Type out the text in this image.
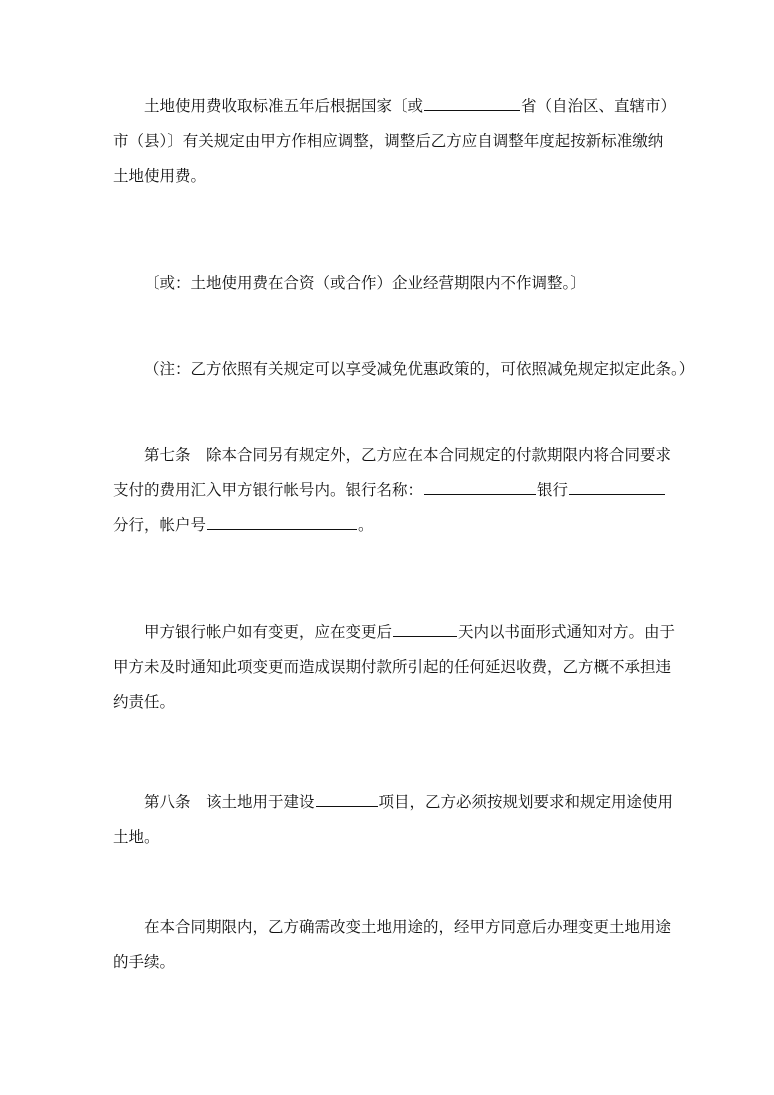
土地使用费收取标准五年后根据国家〔或	省（自治区、直辖市）
市（县）〕有关规定由甲方作相应调整，调整后乙方应自调整年度起按新标准缴纳
土地使用费。
〔或：土地使用费在合资（或合作）企业经营期限内不作调整。〕
（注：乙方依照有关规定可以享受减免优惠政策的，可依照减免规定拟定此条。）
第七条　除本合同另有规定外，乙方应在本合同规定的付款期限内将合同要求
支付的费用汇入甲方银行帐号内。银行名称：	银行
分行，帐户号	。
甲方银行帐户如有变更，应在变更后	天内以书面形式通知对方。由于
甲方未及时通知此项变更而造成误期付款所引起的任何延迟收费，乙方概不承担违
约责任。
第八条　该土地用于建设	项目，乙方必须按规划要求和规定用途使用
土地。
在本合同期限内，乙方确需改变土地用途的，经甲方同意后办理变更土地用途
的手续。
